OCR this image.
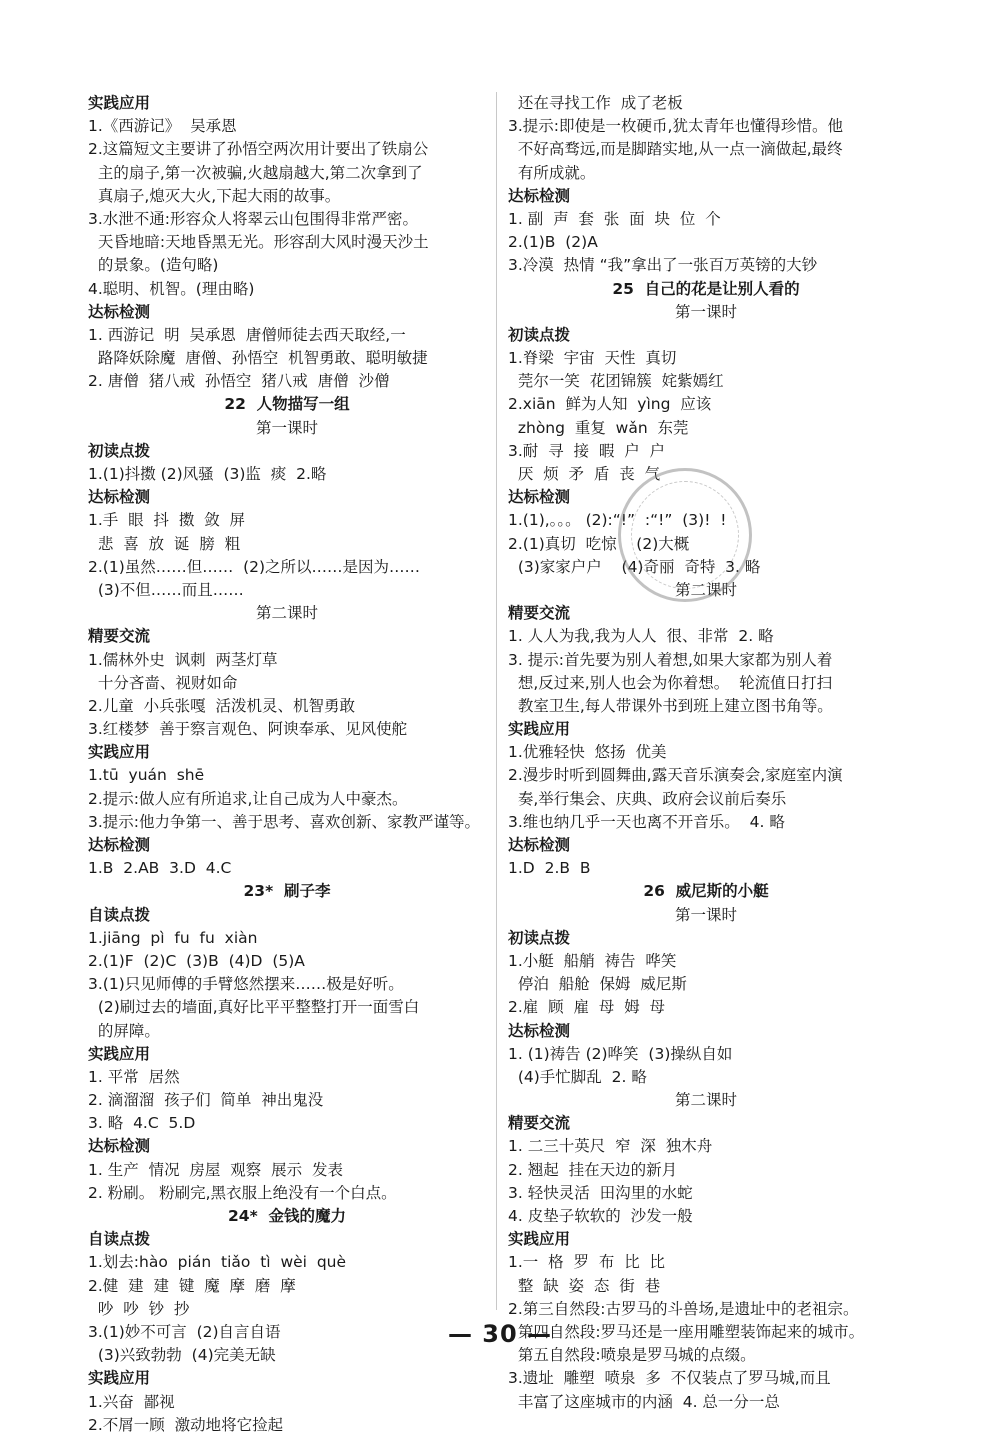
实践应用
1.《西游记》  吴承恩
2.这篇短文主要讲了孙悟空两次用计要出了铁扇公
主的扇子,第一次被骗,火越扇越大,第二次拿到了
真扇子,熄灭大火,下起大雨的故事。
3.水泄不通:形容众人将翠云山包围得非常严密。
天昏地暗:天地昏黑无光。形容刮大风时漫天沙土
的景象。(造句略)
4.聪明、机智。(理由略)
达标检测
1. 西游记  明  吴承恩  唐僧师徒去西天取经,一
路降妖除魔  唐僧、孙悟空  机智勇敢、聪明敏捷
2. 唐僧  猪八戒  孙悟空  猪八戒  唐僧  沙僧
22  人物描写一组
第一课时
初读点拨
1.(1)抖擞 (2)风骚  (3)监  痰  2.略
达标检测
1.手  眼  抖  擞  敛  屏
悲  喜  放  诞  膀  粗
2.(1)虽然……但……  (2)之所以……是因为……
(3)不但……而且……
第二课时
精要交流
1.儒林外史  讽刺  两茎灯草
十分吝啬、视财如命
2.儿童  小兵张嘎  活泼机灵、机智勇敢
3.红楼梦  善于察言观色、阿谀奉承、见风使舵
实践应用
1.tū  yuán  shē
2.提示:做人应有所追求,让自己成为人中豪杰。
3.提示:他力争第一、善于思考、喜欢创新、家教严谨等。
达标检测
1.B  2.AB  3.D  4.C
23*  刷子李
自读点拨
1.jiāng  pì  fu  fu  xiàn
2.(1)F  (2)C  (3)B  (4)D  (5)A
3.(1)只见师傅的手臂悠然摆来……极是好听。
(2)刷过去的墙面,真好比平平整整打开一面雪白
的屏障。
实践应用
1. 平常  居然
2. 滴溜溜  孩子们  简单  神出鬼没
3. 略  4.C  5.D
达标检测
1. 生产  情况  房屋  观察  展示  发表
2. 粉刷。 粉刷完,黑衣服上绝没有一个白点。
24*  金钱的魔力
自读点拨
1.划去:hào  pián  tiǎo  tì  wèi  què
2.健  建  建  键  魔  摩  磨  摩
吵  吵  钞  抄
3.(1)妙不可言  (2)自言自语
(3)兴致勃勃  (4)完美无缺
实践应用
1.兴奋  鄙视
2.不屑一顾  激动地将它捡起
还在寻找工作  成了老板
3.提示:即使是一枚硬币,犹太青年也懂得珍惜。他
不好高骛远,而是脚踏实地,从一点一滴做起,最终
有所成就。
达标检测
1. 副  声  套  张  面  块  位  个
2.(1)B  (2)A
3.冷漠  热情 “我”拿出了一张百万英镑的大钞
25  自己的花是让别人看的
第一课时
初读点拨
1.脊梁  宇宙  天性  真切
莞尔一笑  花团锦簇  姹紫嫣红
2.xiān  鲜为人知  yìng  应该
zhòng  重复  wǎn  东莞
3.耐  寻  接  暇  户  户
厌  烦  矛  盾  丧  气
达标检测
1.(1),。。。 (2):“!”  :“!”  (3)!  !
2.(1)真切  吃惊    (2)大概
(3)家家户户    (4)奇丽  奇特  3. 略
第二课时
精要交流
1. 人人为我,我为人人  很、非常  2. 略
3. 提示:首先要为别人着想,如果大家都为别人着
想,反过来,别人也会为你着想。  轮流值日打扫
教室卫生,每人带课外书到班上建立图书角等。
实践应用
1.优雅轻快  悠扬  优美
2.漫步时听到圆舞曲,露天音乐演奏会,家庭室内演
奏,举行集会、庆典、政府会议前后奏乐
3.维也纳几乎一天也离不开音乐。  4. 略
达标检测
1.D  2.B  B
26  威尼斯的小艇
第一课时
初读点拨
1.小艇  船艄  祷告  哗笑
停泊  船舱  保姆  威尼斯
2.雇  顾  雇  母  姆  母
达标检测
1. (1)祷告 (2)哗笑  (3)操纵自如
(4)手忙脚乱  2. 略
第二课时
精要交流
1. 二三十英尺  窄  深  独木舟
2. 翘起  挂在天边的新月
3. 轻快灵活  田沟里的水蛇
4. 皮垫子软软的  沙发一般
实践应用
1.一  格  罗  布  比  比
整  缺  姿  态  街  巷
2.第三自然段:古罗马的斗兽场,是遗址中的老祖宗。
第四自然段:罗马还是一座用雕塑装饰起来的城市。
第五自然段:喷泉是罗马城的点缀。
3.遗址  雕塑  喷泉  多  不仅装点了罗马城,而且
丰富了这座城市的内涵  4. 总一分一总
— 30 —
